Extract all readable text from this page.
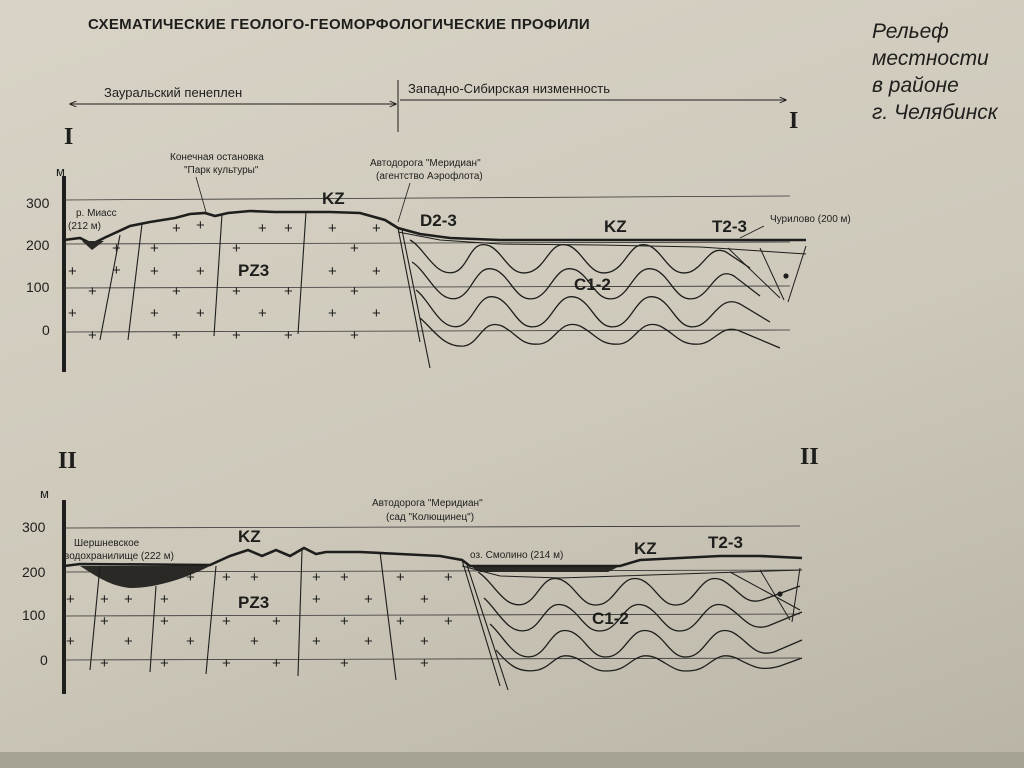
СХЕМАТИЧЕСКИЕ ГЕОЛОГО-ГЕОМОРФОЛОГИЧЕСКИЕ ПРОФИЛИ	Рельеф
местности
в районе
г. Челябинск
Зауральский пенеплен	Западно-Сибирская низменность
I
I
м
300
200
100
0
+
+
+
+
+
+
+
+
+
+
+
+
+
+
+
+
+
+
+
+
+
+
+
+
+
+
+
+
+
+
+
+
р. Миасс
(212 м)
Конечная остановка
"Парк культуры"
Автодорога "Меридиан"
(агентство Аэрофлота)
Чурилово (200 м)
KZ
KZ
D2-3
PZ3
C1-2
T2-3
II	II
м
300
200
100
0
+
+
+
+
+
+
+
+
+
+
+
+
+
+
+
+
+
+
+
+
+
+
+
+
+
+
+
+
+
+
+
+
+
+
Шершневское
водохранилище (222 м)
Автодорога "Меридиан"
(сад "Колющинец")
оз. Смолино (214 м)
KZ
KZ
PZ3
C1-2
T2-3
